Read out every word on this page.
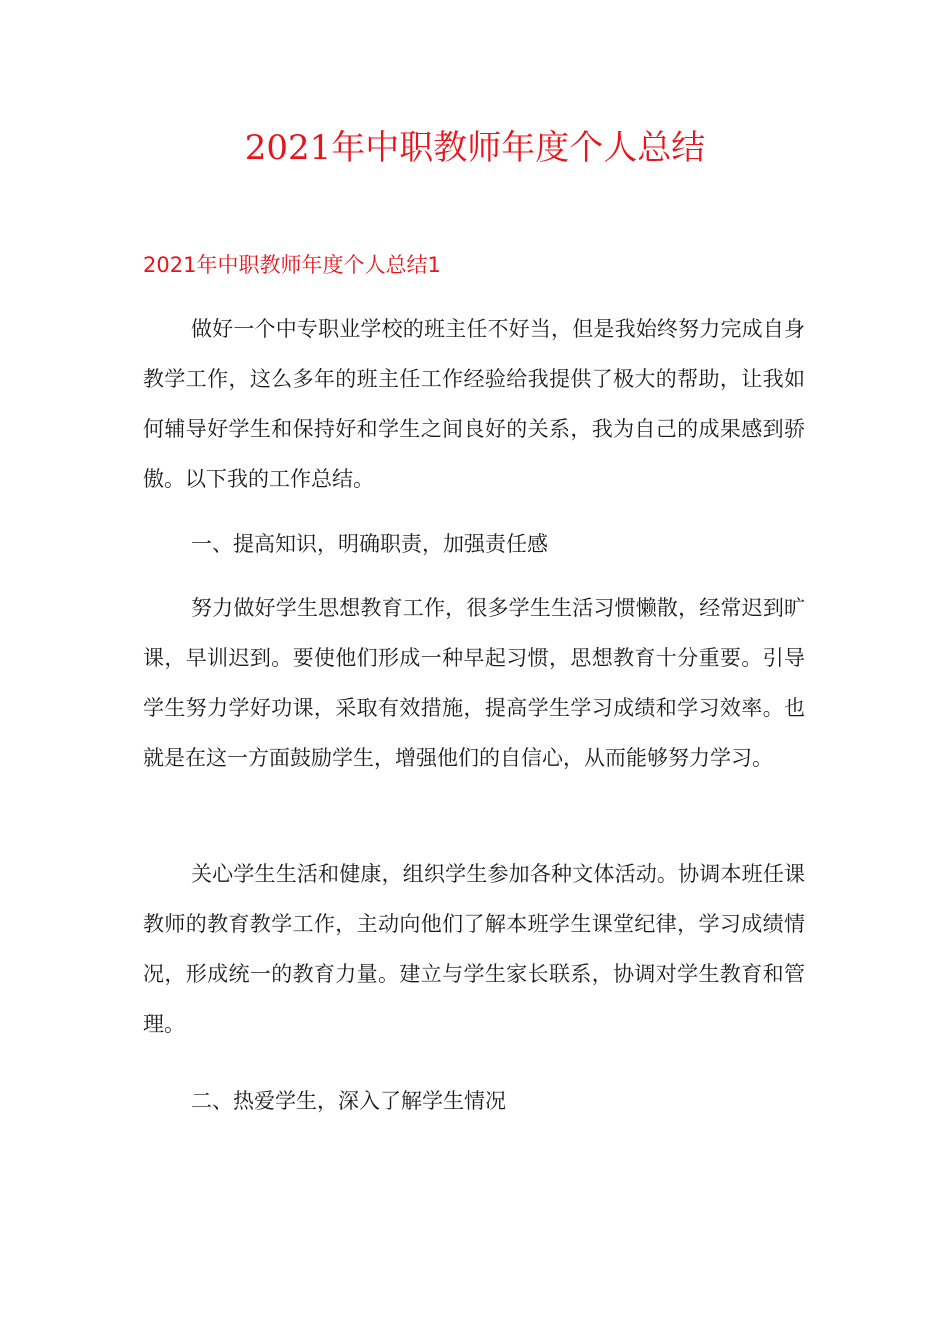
2021年中职教师年度个人总结
2021年中职教师年度个人总结1

做好一个中专职业学校的班主任不好当，但是我始终努力完成自身教学工作，这么多年的班主任工作经验给我提供了极大的帮助，让我如何辅导好学生和保持好和学生之间良好的关系，我为自己的成果感到骄傲。以下我的工作总结。

一、提高知识，明确职责，加强责任感

努力做好学生思想教育工作，很多学生生活习惯懒散，经常迟到旷课，早训迟到。要使他们形成一种早起习惯，思想教育十分重要。引导学生努力学好功课，采取有效措施，提高学生学习成绩和学习效率。也就是在这一方面鼓励学生，增强他们的自信心，从而能够努力学习。

关心学生生活和健康，组织学生参加各种文体活动。协调本班任课教师的教育教学工作，主动向他们了解本班学生课堂纪律，学习成绩情况，形成统一的教育力量。建立与学生家长联系，协调对学生教育和管理。

二、热爱学生，深入了解学生情况
